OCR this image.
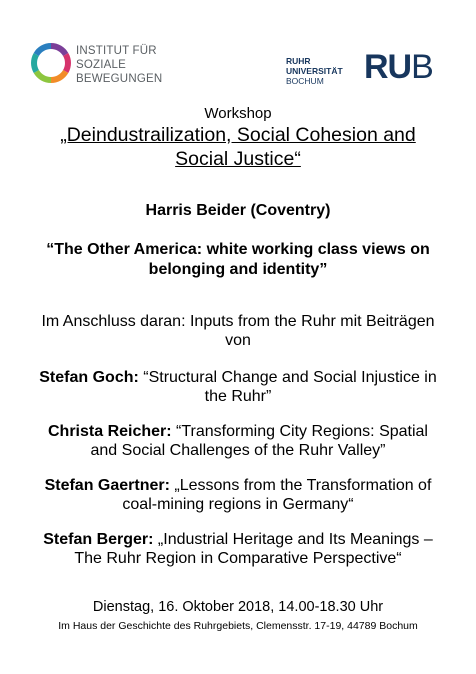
INSTITUT FÜR
SOZIALE
BEWEGUNGEN
RUHR
UNIVERSITÄT
BOCHUM	RUB
Workshop
„Deindustrailization, Social Cohesion and
Social Justice“
Harris Beider (Coventry)
“The Other America: white working class views on
belonging and identity”
Im Anschluss daran: Inputs from the Ruhr mit Beiträgen
von
Stefan Goch: “Structural Change and Social Injustice in
the Ruhr”
Christa Reicher: “Transforming City Regions: Spatial
and Social Challenges of the Ruhr Valley”
Stefan Gaertner: „Lessons from the Transformation of
coal-mining regions in Germany“
Stefan Berger: „Industrial Heritage and Its Meanings –
The Ruhr Region in Comparative Perspective“
Dienstag, 16. Oktober 2018, 14.00-18.30 Uhr
Im Haus der Geschichte des Ruhrgebiets, Clemensstr. 17-19, 44789 Bochum
